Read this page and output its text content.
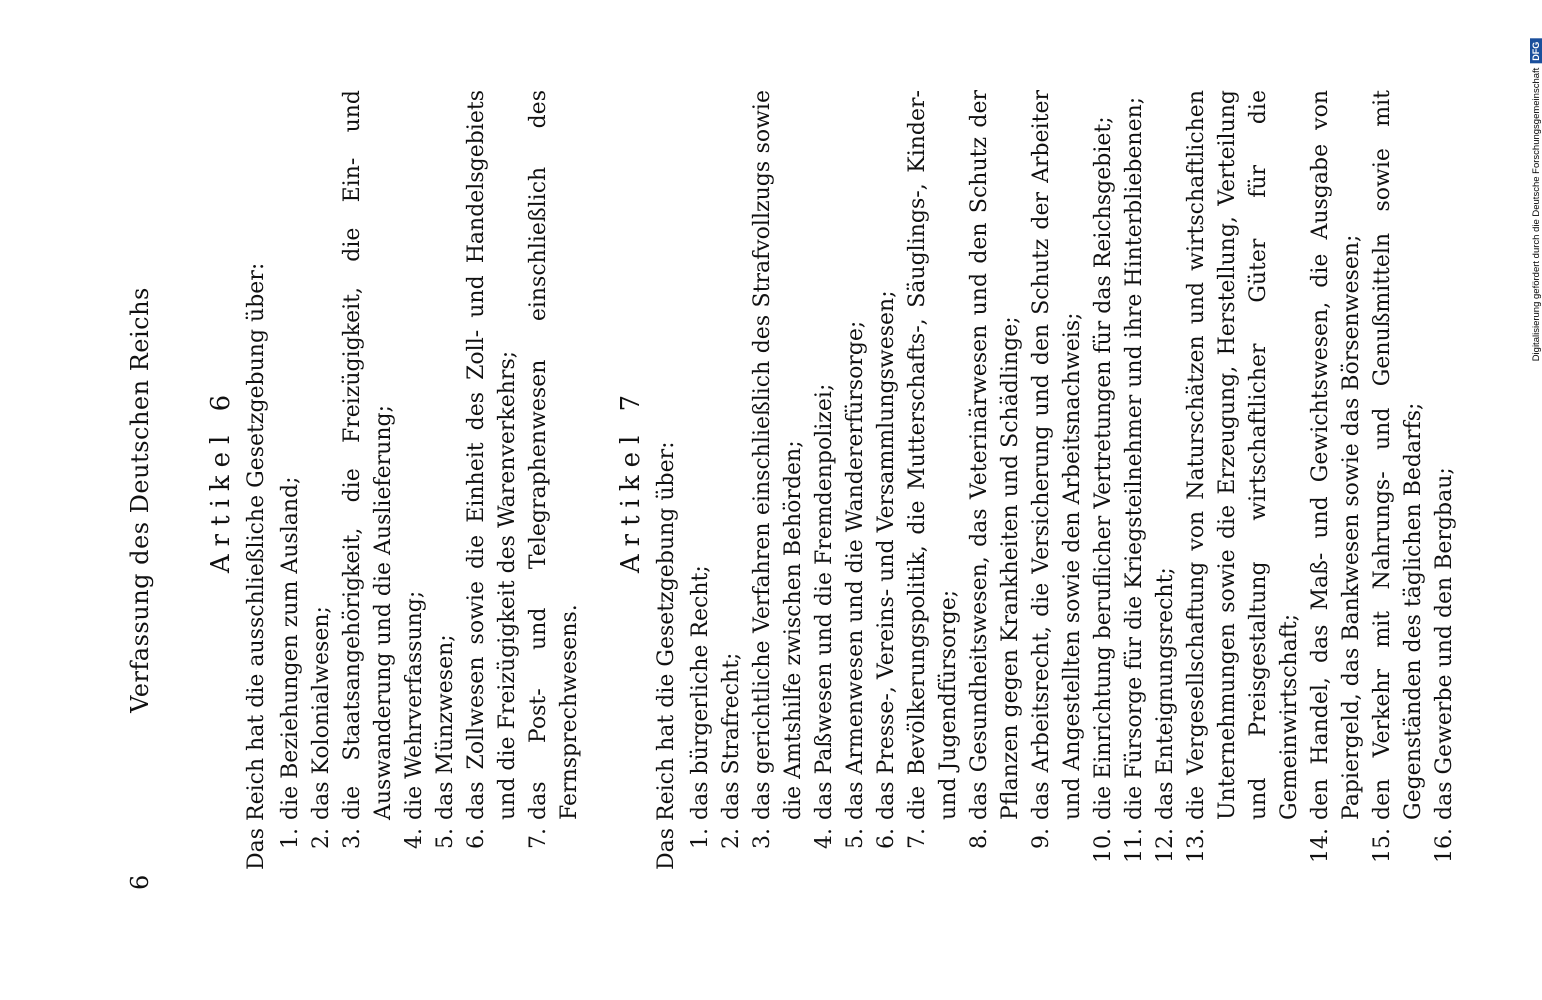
6
Verfassung des Deutschen Reichs Artikel 6 Das Reich hat die ausschließliche Gesetzgebung über: 1.
die Beziehungen zum Ausland;
2.
das Kolonialwesen;
3.
die Staatsangehörigkeit, die Freizügigkeit, die Ein- und Auswanderung und die Auslieferung;
4.
die Wehrverfassung;
5.
das Münzwesen;
6.
das Zollwesen sowie die Einheit des Zoll- und Handelsgebiets und die Freizügigkeit des Warenverkehrs;
7.
das Post- und Telegraphenwesen einschließlich des Fernsprechwesens.
Artikel 7 Das Reich hat die Gesetzgebung über: 1.
das bürgerliche Recht;
2.
das Strafrecht;
3.
das gerichtliche Verfahren einschließlich des Strafvollzugs sowie die Amtshilfe zwischen Behörden;
4.
das Paßwesen und die Fremdenpolizei;
5.
das Armenwesen und die Wandererfürsorge;
6.
das Presse-, Vereins- und Versammlungswesen;
7.
die Bevölkerungspolitik, die Mutterschafts-, Säuglings-, Kinder- und Jugendfürsorge;
8.
das Gesundheitswesen, das Veterinärwesen und den Schutz der Pflanzen gegen Krankheiten und Schädlinge;
9.
das Arbeitsrecht, die Versicherung und den Schutz der Arbeiter und Angestellten sowie den Arbeitsnachweis;
10.
die Einrichtung beruflicher Vertretungen für das Reichsgebiet;
11.
die Fürsorge für die Kriegsteilnehmer und ihre Hinterbliebenen;
12.
das Enteignungsrecht;
13.
die Vergesellschaftung von Naturschätzen und wirtschaftlichen Unternehmungen sowie die Erzeugung, Herstellung, Verteilung und Preisgestaltung wirtschaftlicher Güter für die Gemeinwirtschaft;
14.
den Handel, das Maß- und Gewichtswesen, die Ausgabe von Papiergeld, das Bankwesen sowie das Börsenwesen;
15.
den Verkehr mit Nahrungs- und Genußmitteln sowie mit Gegenständen des täglichen Bedarfs;
16.
das Gewerbe und den Bergbau;
Digitalisierung gefördert durch die Deutsche Forschungsgemeinschaft
DFG
